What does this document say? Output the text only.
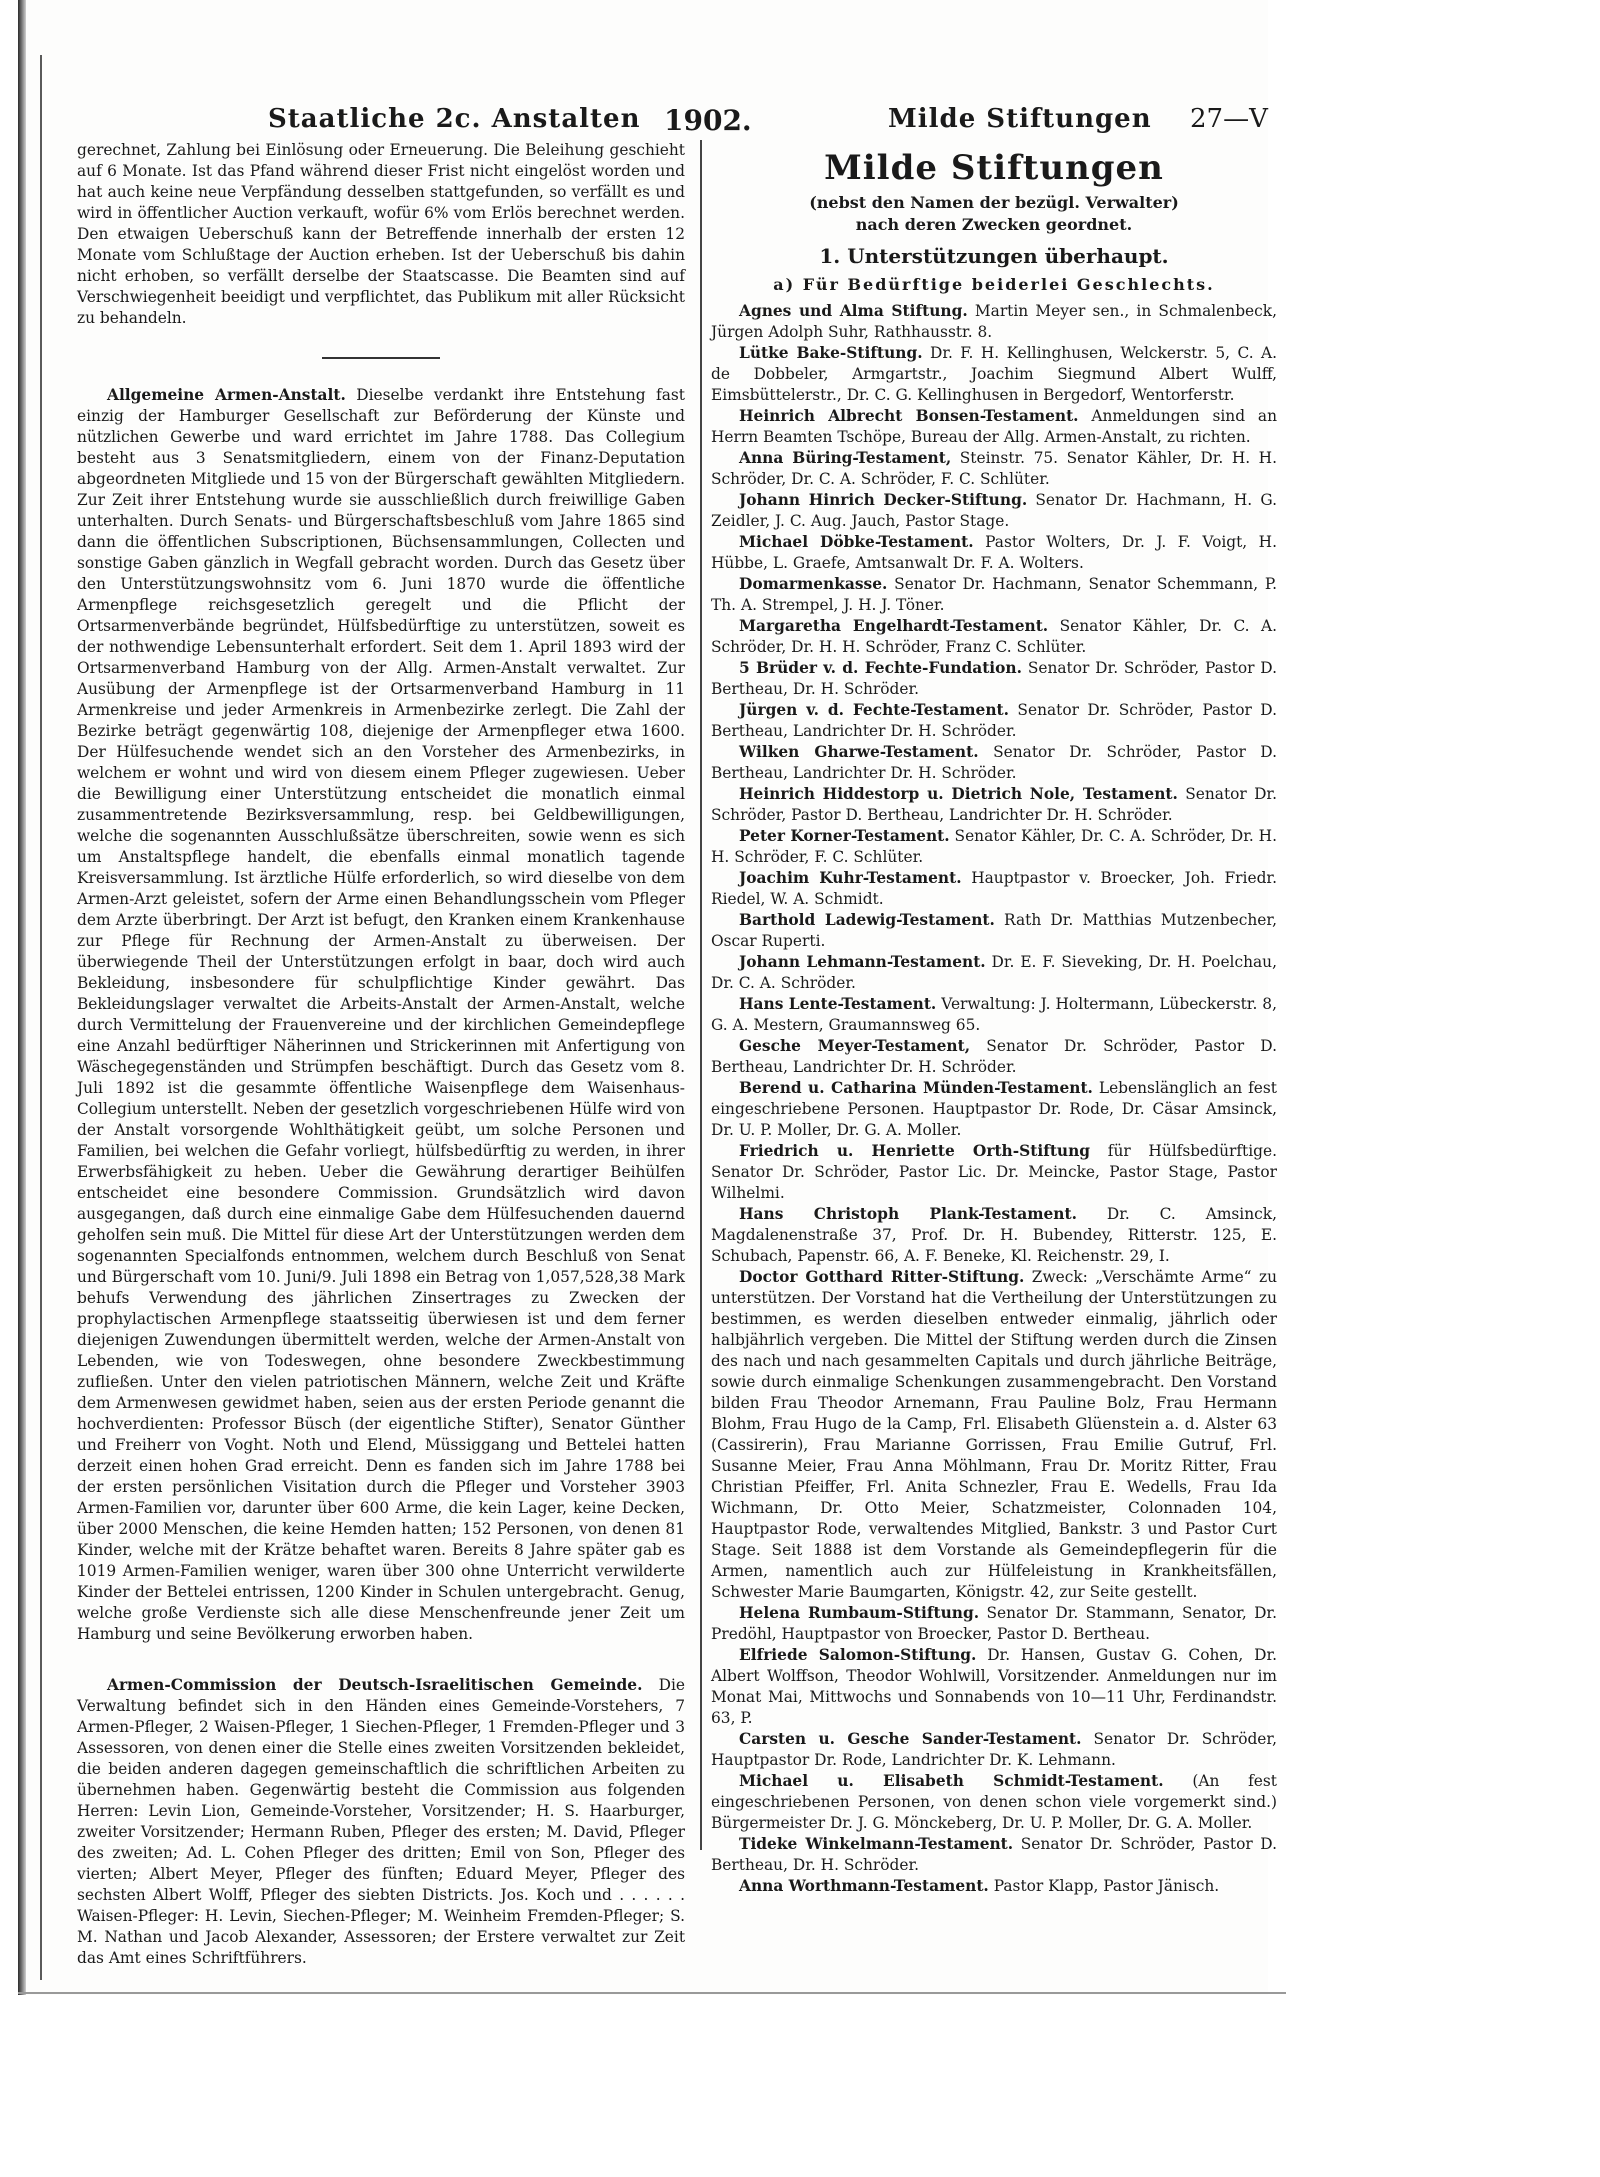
Staatliche 2c. Anstalten 1902.	Milde Stiftungen 27—V

gerechnet, Zahlung bei Einlösung oder Erneuerung. Die Beleihung geschieht auf 6 Monate. Ist das Pfand während dieser Frist nicht eingelöst worden und hat auch keine neue Verpfändung desselben stattgefunden, so verfällt es und wird in öffentlicher Auction verkauft, wofür 6% vom Erlös berechnet werden. Den etwaigen Ueberschuß kann der Betreffende innerhalb der ersten 12 Monate vom Schlußtage der Auction erheben. Ist der Ueberschuß bis dahin nicht erhoben, so verfällt derselbe der Staatscasse. Die Beamten sind auf Verschwiegenheit beeidigt und verpflichtet, das Publikum mit aller Rücksicht zu behandeln.

Allgemeine Armen-Anstalt. Dieselbe verdankt ihre Entstehung fast einzig der Hamburger Gesellschaft zur Beförderung der Künste und nützlichen Gewerbe und ward errichtet im Jahre 1788. Das Collegium besteht aus 3 Senatsmitgliedern, einem von der Finanz-Deputation abgeordneten Mitgliede und 15 von der Bürgerschaft gewählten Mitgliedern. Zur Zeit ihrer Entstehung wurde sie ausschließlich durch freiwillige Gaben unterhalten. Durch Senats- und Bürgerschaftsbeschluß vom Jahre 1865 sind dann die öffentlichen Subscriptionen, Büchsensammlungen, Collecten und sonstige Gaben gänzlich in Wegfall gebracht worden. Durch das Gesetz über den Unterstützungswohnsitz vom 6. Juni 1870 wurde die öffentliche Armenpflege reichsgesetzlich geregelt und die Pflicht der Ortsarmenverbände begründet, Hülfsbedürftige zu unterstützen, soweit es der nothwendige Lebensunterhalt erfordert. Seit dem 1. April 1893 wird der Ortsarmenverband Hamburg von der Allg. Armen-Anstalt verwaltet. Zur Ausübung der Armenpflege ist der Ortsarmenverband Hamburg in 11 Armenkreise und jeder Armenkreis in Armenbezirke zerlegt. Die Zahl der Bezirke beträgt gegenwärtig 108, diejenige der Armenpfleger etwa 1600. Der Hülfesuchende wendet sich an den Vorsteher des Armenbezirks, in welchem er wohnt und wird von diesem einem Pfleger zugewiesen. Ueber die Bewilligung einer Unterstützung entscheidet die monatlich einmal zusammentretende Bezirksversammlung, resp. bei Geldbewilligungen, welche die sogenannten Ausschlußsätze überschreiten, sowie wenn es sich um Anstaltspflege handelt, die ebenfalls einmal monatlich tagende Kreisversammlung. Ist ärztliche Hülfe erforderlich, so wird dieselbe von dem Armen-Arzt geleistet, sofern der Arme einen Behandlungsschein vom Pfleger dem Arzte überbringt. Der Arzt ist befugt, den Kranken einem Krankenhause zur Pflege für Rechnung der Armen-Anstalt zu überweisen. Der überwiegende Theil der Unterstützungen erfolgt in baar, doch wird auch Bekleidung, insbesondere für schulpflichtige Kinder gewährt. Das Bekleidungslager verwaltet die Arbeits-Anstalt der Armen-Anstalt, welche durch Vermittelung der Frauenvereine und der kirchlichen Gemeindepflege eine Anzahl bedürftiger Näherinnen und Strickerinnen mit Anfertigung von Wäschegegenständen und Strümpfen beschäftigt. Durch das Gesetz vom 8. Juli 1892 ist die gesammte öffentliche Waisenpflege dem Waisenhaus-Collegium unterstellt. Neben der gesetzlich vorgeschriebenen Hülfe wird von der Anstalt vorsorgende Wohlthätigkeit geübt, um solche Personen und Familien, bei welchen die Gefahr vorliegt, hülfsbedürftig zu werden, in ihrer Erwerbsfähigkeit zu heben. Ueber die Gewährung derartiger Beihülfen entscheidet eine besondere Commission. Grundsätzlich wird davon ausgegangen, daß durch eine einmalige Gabe dem Hülfesuchenden dauernd geholfen sein muß. Die Mittel für diese Art der Unterstützungen werden dem sogenannten Specialfonds entnommen, welchem durch Beschluß von Senat und Bürgerschaft vom 10. Juni/9. Juli 1898 ein Betrag von 1,057,528,38 Mark behufs Verwendung des jährlichen Zinsertrages zu Zwecken der prophylactischen Armenpflege staatsseitig überwiesen ist und dem ferner diejenigen Zuwendungen übermittelt werden, welche der Armen-Anstalt von Lebenden, wie von Todeswegen, ohne besondere Zweckbestimmung zufließen. Unter den vielen patriotischen Männern, welche Zeit und Kräfte dem Armenwesen gewidmet haben, seien aus der ersten Periode genannt die hochverdienten: Professor Büsch (der eigentliche Stifter), Senator Günther und Freiherr von Voght. Noth und Elend, Müssiggang und Bettelei hatten derzeit einen hohen Grad erreicht. Denn es fanden sich im Jahre 1788 bei der ersten persönlichen Visitation durch die Pfleger und Vorsteher 3903 Armen-Familien vor, darunter über 600 Arme, die kein Lager, keine Decken, über 2000 Menschen, die keine Hemden hatten; 152 Personen, von denen 81 Kinder, welche mit der Krätze behaftet waren. Bereits 8 Jahre später gab es 1019 Armen-Familien weniger, waren über 300 ohne Unterricht verwilderte Kinder der Bettelei entrissen, 1200 Kinder in Schulen untergebracht. Genug, welche große Verdienste sich alle diese Menschenfreunde jener Zeit um Hamburg und seine Bevölkerung erworben haben.

Armen-Commission der Deutsch-Israelitischen Gemeinde. Die Verwaltung befindet sich in den Händen eines Gemeinde-Vorstehers, 7 Armen-Pfleger, 2 Waisen-Pfleger, 1 Siechen-Pfleger, 1 Fremden-Pfleger und 3 Assessoren, von denen einer die Stelle eines zweiten Vorsitzenden bekleidet, die beiden anderen dagegen gemeinschaftlich die schriftlichen Arbeiten zu übernehmen haben. Gegenwärtig besteht die Commission aus folgenden Herren: Levin Lion, Gemeinde-Vorsteher, Vorsitzender; H. S. Haarburger, zweiter Vorsitzender; Hermann Ruben, Pfleger des ersten; M. David, Pfleger des zweiten; Ad. L. Cohen Pfleger des dritten; Emil von Son, Pfleger des vierten; Albert Meyer, Pfleger des fünften; Eduard Meyer, Pfleger des sechsten Albert Wolff, Pfleger des siebten Districts. Jos. Koch und . . . . . . Waisen-Pfleger: H. Levin, Siechen-Pfleger; M. Weinheim Fremden-Pfleger; S. M. Nathan und Jacob Alexander, Assessoren; der Erstere verwaltet zur Zeit das Amt eines Schriftführers.

Milde Stiftungen
(nebst den Namen der bezügl. Verwalter)
nach deren Zwecken geordnet.
1. Unterstützungen überhaupt.
a) Für Bedürftige beiderlei Geschlechts.

Agnes und Alma Stiftung. Martin Meyer sen., in Schmalenbeck, Jürgen Adolph Suhr, Rathhausstr. 8.

Lütke Bake-Stiftung. Dr. F. H. Kellinghusen, Welckerstr. 5, C. A. de Dobbeler, Armgartstr., Joachim Siegmund Albert Wulff, Eimsbüttelerstr., Dr. C. G. Kellinghusen in Bergedorf, Wentorferstr.

Heinrich Albrecht Bonsen-Testament. Anmeldungen sind an Herrn Beamten Tschöpe, Bureau der Allg. Armen-Anstalt, zu richten.

Anna Büring-Testament, Steinstr. 75. Senator Kähler, Dr. H. H. Schröder, Dr. C. A. Schröder, F. C. Schlüter.

Johann Hinrich Decker-Stiftung. Senator Dr. Hachmann, H. G. Zeidler, J. C. Aug. Jauch, Pastor Stage.

Michael Döbke-Testament. Pastor Wolters, Dr. J. F. Voigt, H. Hübbe, L. Graefe, Amtsanwalt Dr. F. A. Wolters.

Domarmenkasse. Senator Dr. Hachmann, Senator Schemmann, P. Th. A. Strempel, J. H. J. Töner.

Margaretha Engelhardt-Testament. Senator Kähler, Dr. C. A. Schröder, Dr. H. H. Schröder, Franz C. Schlüter.

5 Brüder v. d. Fechte-Fundation. Senator Dr. Schröder, Pastor D. Bertheau, Dr. H. Schröder.

Jürgen v. d. Fechte-Testament. Senator Dr. Schröder, Pastor D. Bertheau, Landrichter Dr. H. Schröder.

Wilken Gharwe-Testament. Senator Dr. Schröder, Pastor D. Bertheau, Landrichter Dr. H. Schröder.

Heinrich Hiddestorp u. Dietrich Nole, Testament. Senator Dr. Schröder, Pastor D. Bertheau, Landrichter Dr. H. Schröder.

Peter Korner-Testament. Senator Kähler, Dr. C. A. Schröder, Dr. H. H. Schröder, F. C. Schlüter.

Joachim Kuhr-Testament. Hauptpastor v. Broecker, Joh. Friedr. Riedel, W. A. Schmidt.

Barthold Ladewig-Testament. Rath Dr. Matthias Mutzenbecher, Oscar Ruperti.

Johann Lehmann-Testament. Dr. E. F. Sieveking, Dr. H. Poelchau, Dr. C. A. Schröder.

Hans Lente-Testament. Verwaltung: J. Holtermann, Lübeckerstr. 8, G. A. Mestern, Graumannsweg 65.

Gesche Meyer-Testament, Senator Dr. Schröder, Pastor D. Bertheau, Landrichter Dr. H. Schröder.

Berend u. Catharina Münden-Testament. Lebenslänglich an fest eingeschriebene Personen. Hauptpastor Dr. Rode, Dr. Cäsar Amsinck, Dr. U. P. Moller, Dr. G. A. Moller.

Friedrich u. Henriette Orth-Stiftung für Hülfsbedürftige. Senator Dr. Schröder, Pastor Lic. Dr. Meincke, Pastor Stage, Pastor Wilhelmi.

Hans Christoph Plank-Testament. Dr. C. Amsinck, Magdalenenstraße 37, Prof. Dr. H. Bubendey, Ritterstr. 125, E. Schubach, Papenstr. 66, A. F. Beneke, Kl. Reichenstr. 29, I.

Doctor Gotthard Ritter-Stiftung. Zweck: „Verschämte Arme“ zu unterstützen. Der Vorstand hat die Vertheilung der Unterstützungen zu bestimmen, es werden dieselben entweder einmalig, jährlich oder halbjährlich vergeben. Die Mittel der Stiftung werden durch die Zinsen des nach und nach gesammelten Capitals und durch jährliche Beiträge, sowie durch einmalige Schenkungen zusammengebracht. Den Vorstand bilden Frau Theodor Arnemann, Frau Pauline Bolz, Frau Hermann Blohm, Frau Hugo de la Camp, Frl. Elisabeth Glüenstein a. d. Alster 63 (Cassirerin), Frau Marianne Gorrissen, Frau Emilie Gutruf, Frl. Susanne Meier, Frau Anna Möhlmann, Frau Dr. Moritz Ritter, Frau Christian Pfeiffer, Frl. Anita Schnezler, Frau E. Wedells, Frau Ida Wichmann, Dr. Otto Meier, Schatzmeister, Colonnaden 104, Hauptpastor Rode, verwaltendes Mitglied, Bankstr. 3 und Pastor Curt Stage. Seit 1888 ist dem Vorstande als Gemeindepflegerin für die Armen, namentlich auch zur Hülfeleistung in Krankheitsfällen, Schwester Marie Baumgarten, Königstr. 42, zur Seite gestellt.

Helena Rumbaum-Stiftung. Senator Dr. Stammann, Senator, Dr. Predöhl, Hauptpastor von Broecker, Pastor D. Bertheau.

Elfriede Salomon-Stiftung. Dr. Hansen, Gustav G. Cohen, Dr. Albert Wolffson, Theodor Wohlwill, Vorsitzender. Anmeldungen nur im Monat Mai, Mittwochs und Sonnabends von 10—11 Uhr, Ferdinandstr. 63, P.

Carsten u. Gesche Sander-Testament. Senator Dr. Schröder, Hauptpastor Dr. Rode, Landrichter Dr. K. Lehmann.

Michael u. Elisabeth Schmidt-Testament. (An fest eingeschriebenen Personen, von denen schon viele vorgemerkt sind.) Bürgermeister Dr. J. G. Mönckeberg, Dr. U. P. Moller, Dr. G. A. Moller.

Tideke Winkelmann-Testament. Senator Dr. Schröder, Pastor D. Bertheau, Dr. H. Schröder.

Anna Worthmann-Testament. Pastor Klapp, Pastor Jänisch.
